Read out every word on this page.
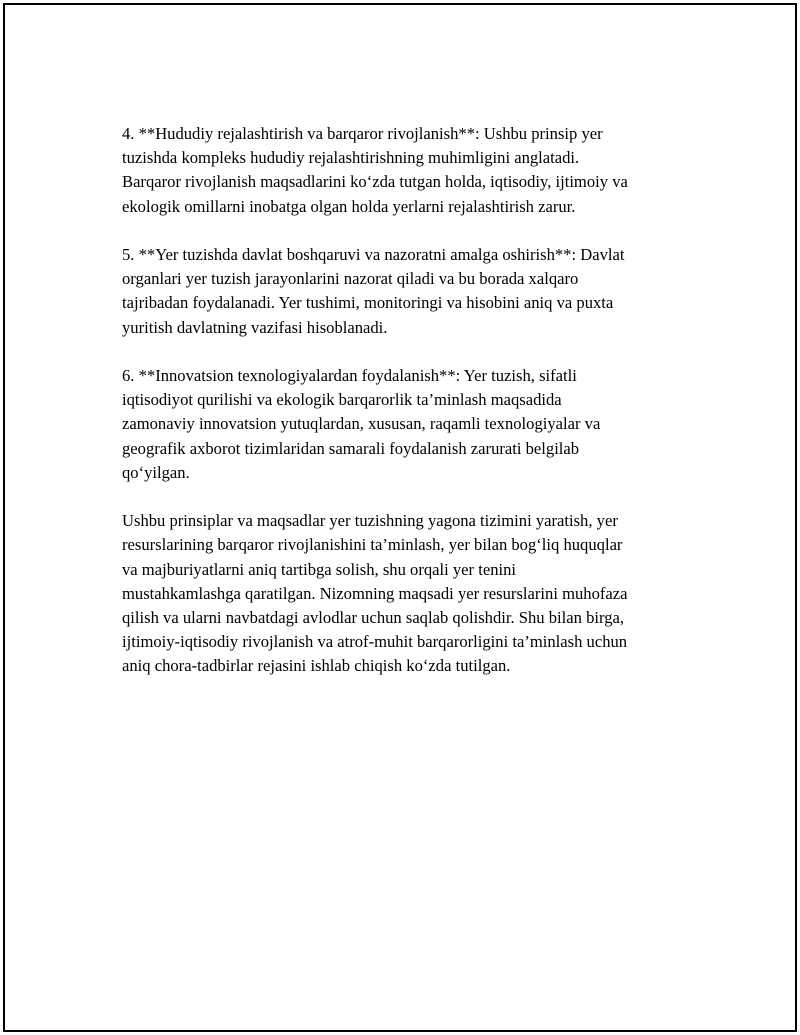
4. **Hududiy rejalashtirish va barqaror rivojlanish**: Ushbu prinsip yer
tuzishda kompleks hududiy rejalashtirishning muhimligini anglatadi.
Barqaror rivojlanish maqsadlarini ko‘zda tutgan holda, iqtisodiy, ijtimoiy va
ekologik omillarni inobatga olgan holda yerlarni rejalashtirish zarur.

5. **Yer tuzishda davlat boshqaruvi va nazoratni amalga oshirish**: Davlat
organlari yer tuzish jarayonlarini nazorat qiladi va bu borada xalqaro
tajribadan foydalanadi. Yer tushimi, monitoringi va hisobini aniq va puxta
yuritish davlatning vazifasi hisoblanadi.

6. **Innovatsion texnologiyalardan foydalanish**: Yer tuzish, sifatli
iqtisodiyot qurilishi va ekologik barqarorlik ta’minlash maqsadida
zamonaviy innovatsion yutuqlardan, xususan, raqamli texnologiyalar va
geografik axborot tizimlaridan samarali foydalanish zarurati belgilab
qo‘yilgan.

Ushbu prinsiplar va maqsadlar yer tuzishning yagona tizimini yaratish, yer
resurslarining barqaror rivojlanishini ta’minlash, yer bilan bog‘liq huquqlar
va majburiyatlarni aniq tartibga solish, shu orqali yer tenini
mustahkamlashga qaratilgan. Nizomning maqsadi yer resurslarini muhofaza
qilish va ularni navbatdagi avlodlar uchun saqlab qolishdir. Shu bilan birga,
ijtimoiy-iqtisodiy rivojlanish va atrof-muhit barqarorligini ta’minlash uchun
aniq chora-tadbirlar rejasini ishlab chiqish ko‘zda tutilgan.
